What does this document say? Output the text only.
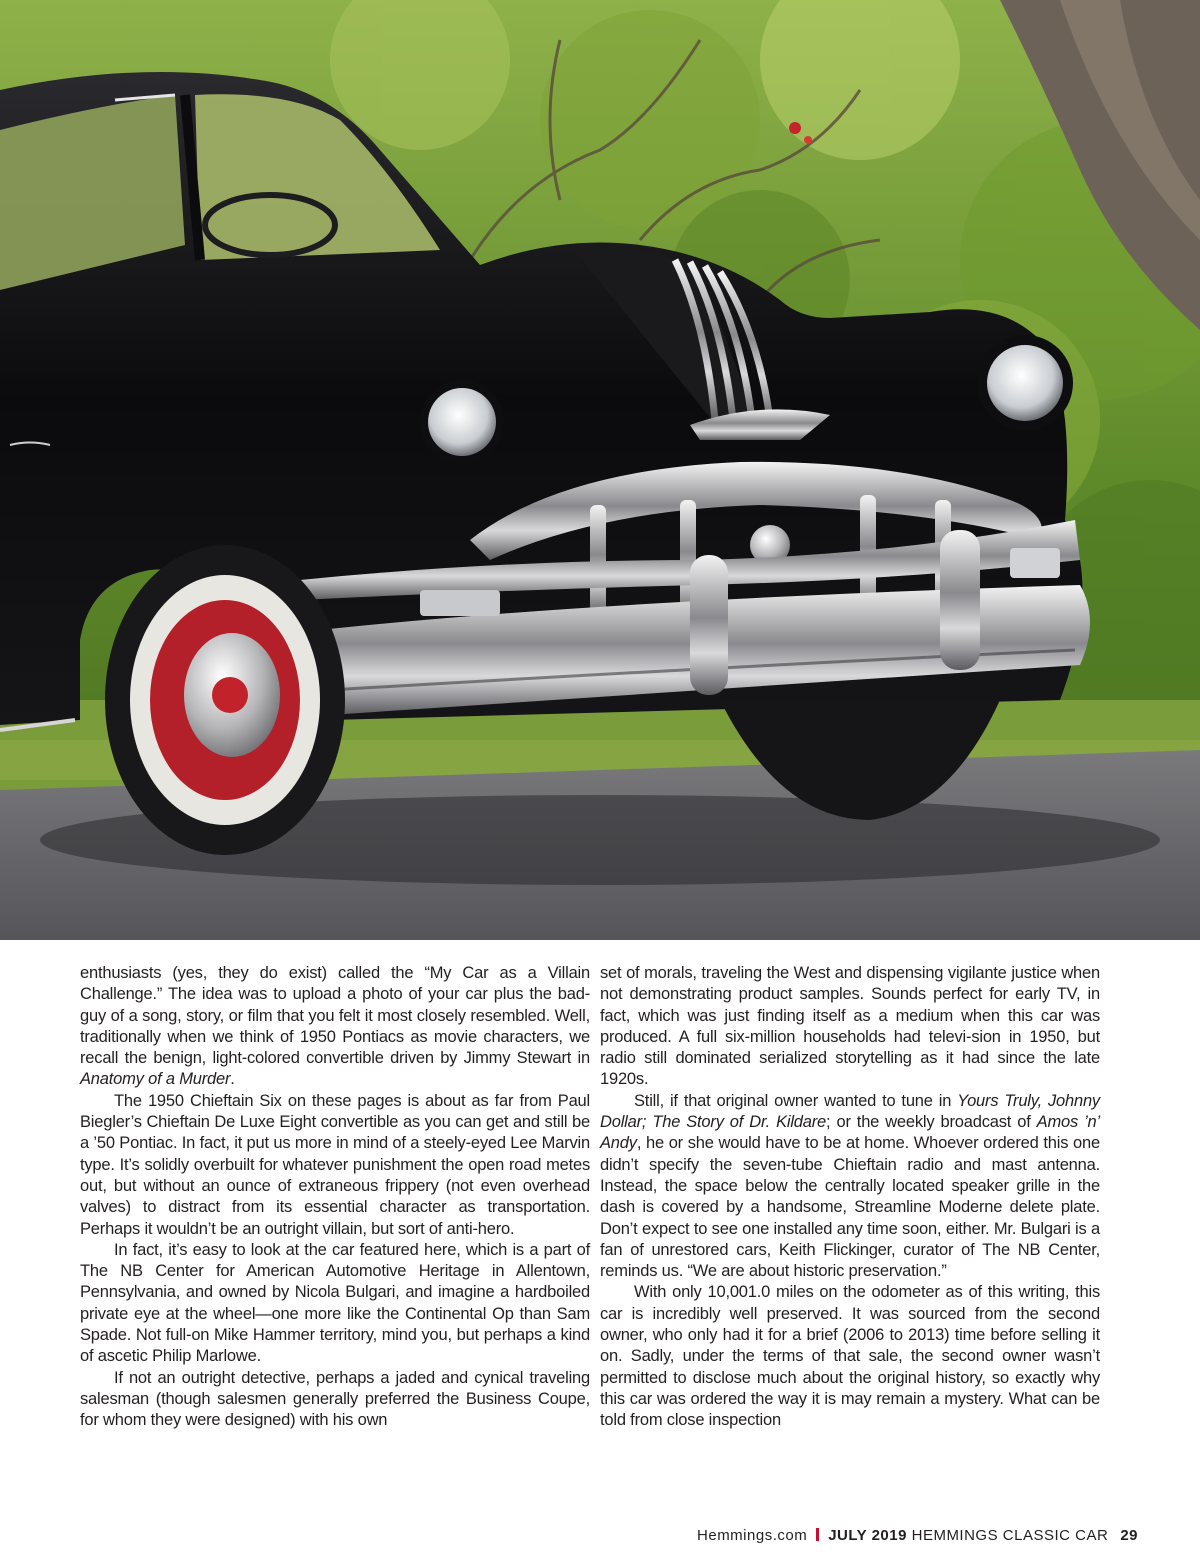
enthusiasts (yes, they do exist) called the “My Car as a Villain Challenge.” The idea was to upload a photo of your car plus the bad-guy of a song, story, or film that you felt it most closely resembled. Well, traditionally when we think of 1950 Pontiacs as movie characters, we recall the benign, light-colored convertible driven by Jimmy Stewart in Anatomy of a Murder.

The 1950 Chieftain Six on these pages is about as far from Paul Biegler’s Chieftain De Luxe Eight convertible as you can get and still be a ’50 Pontiac. In fact, it put us more in mind of a steely-eyed Lee Marvin type. It’s solidly overbuilt for whatever punishment the open road metes out, but without an ounce of extraneous frippery (not even overhead valves) to distract from its essential character as transportation. Perhaps it wouldn’t be an outright villain, but sort of anti-hero.

In fact, it’s easy to look at the car featured here, which is a part of The NB Center for American Automotive Heritage in Allentown, Pennsylvania, and owned by Nicola Bulgari, and imagine a hardboiled private eye at the wheel—one more like the Continental Op than Sam Spade. Not full-on Mike Hammer territory, mind you, but perhaps a kind of ascetic Philip Marlowe.

If not an outright detective, perhaps a jaded and cynical traveling salesman (though salesmen generally preferred the Business Coupe, for whom they were designed) with his own

set of morals, traveling the West and dispensing vigilante justice when not demonstrating product samples. Sounds perfect for early TV, in fact, which was just finding itself as a medium when this car was produced. A full six-million households had televi-sion in 1950, but radio still dominated serialized storytelling as it had since the late 1920s.

Still, if that original owner wanted to tune in Yours Truly, Johnny Dollar; The Story of Dr. Kildare; or the weekly broadcast of Amos ’n’ Andy, he or she would have to be at home. Whoever ordered this one didn’t specify the seven-tube Chieftain radio and mast antenna. Instead, the space below the centrally located speaker grille in the dash is covered by a handsome, Streamline Moderne delete plate. Don’t expect to see one installed any time soon, either. Mr. Bulgari is a fan of unrestored cars, Keith Flickinger, curator of The NB Center, reminds us. “We are about historic preservation.”

With only 10,001.0 miles on the odometer as of this writing, this car is incredibly well preserved. It was sourced from the second owner, who only had it for a brief (2006 to 2013) time before selling it on. Sadly, under the terms of that sale, the second owner wasn’t permitted to disclose much about the original history, so exactly why this car was ordered the way it is may remain a mystery. What can be told from close inspection

Hemmings.com JULY 2019 HEMMINGS CLASSIC CAR 29
